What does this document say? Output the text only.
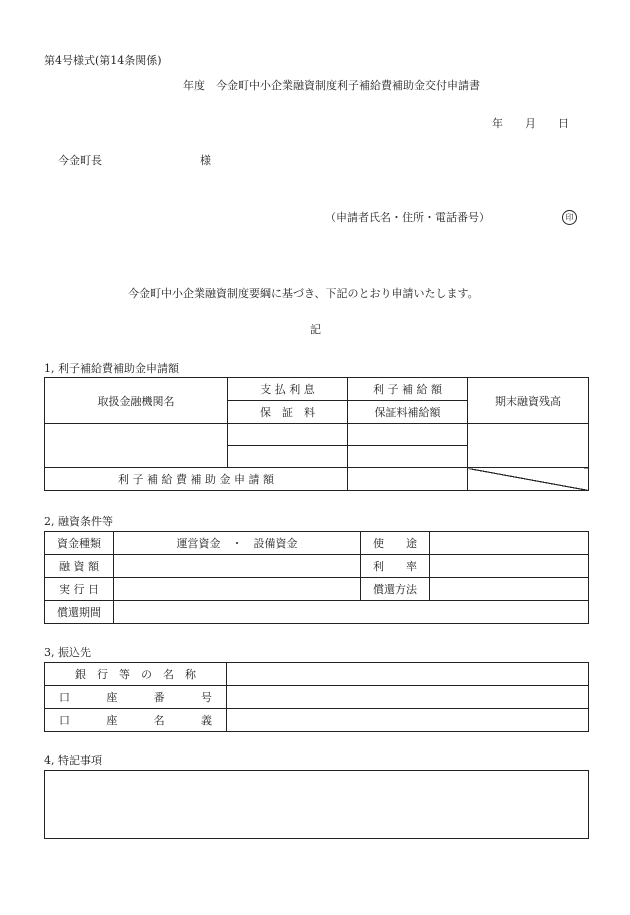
第4号様式(第14条関係)
年度　今金町中小企業融資制度利子補給費補助金交付申請書
年　　月　　日
今金町長	様
（申請者氏名・住所・電話番号）	印
今金町中小企業融資制度要綱に基づき、下記のとおり申請いたします。
記
1, 利子補給費補助金申請額
取扱金融機関名	支 払 利 息	利 子 補 給 額	期末融資残高
	保　証　料	保証料補給額	

利 子 補 給 費 補 助 金 申 請 額			
2, 融資条件等
資金種類	運営資金　・　設備資金	使　　途	
融 資 額		利　　率	
実 行 日		償還方法	
償還期間			
3, 振込先
銀　行　等　の　名　称	

口 座 番 号	

口 座 名 義	

4, 特記事項
